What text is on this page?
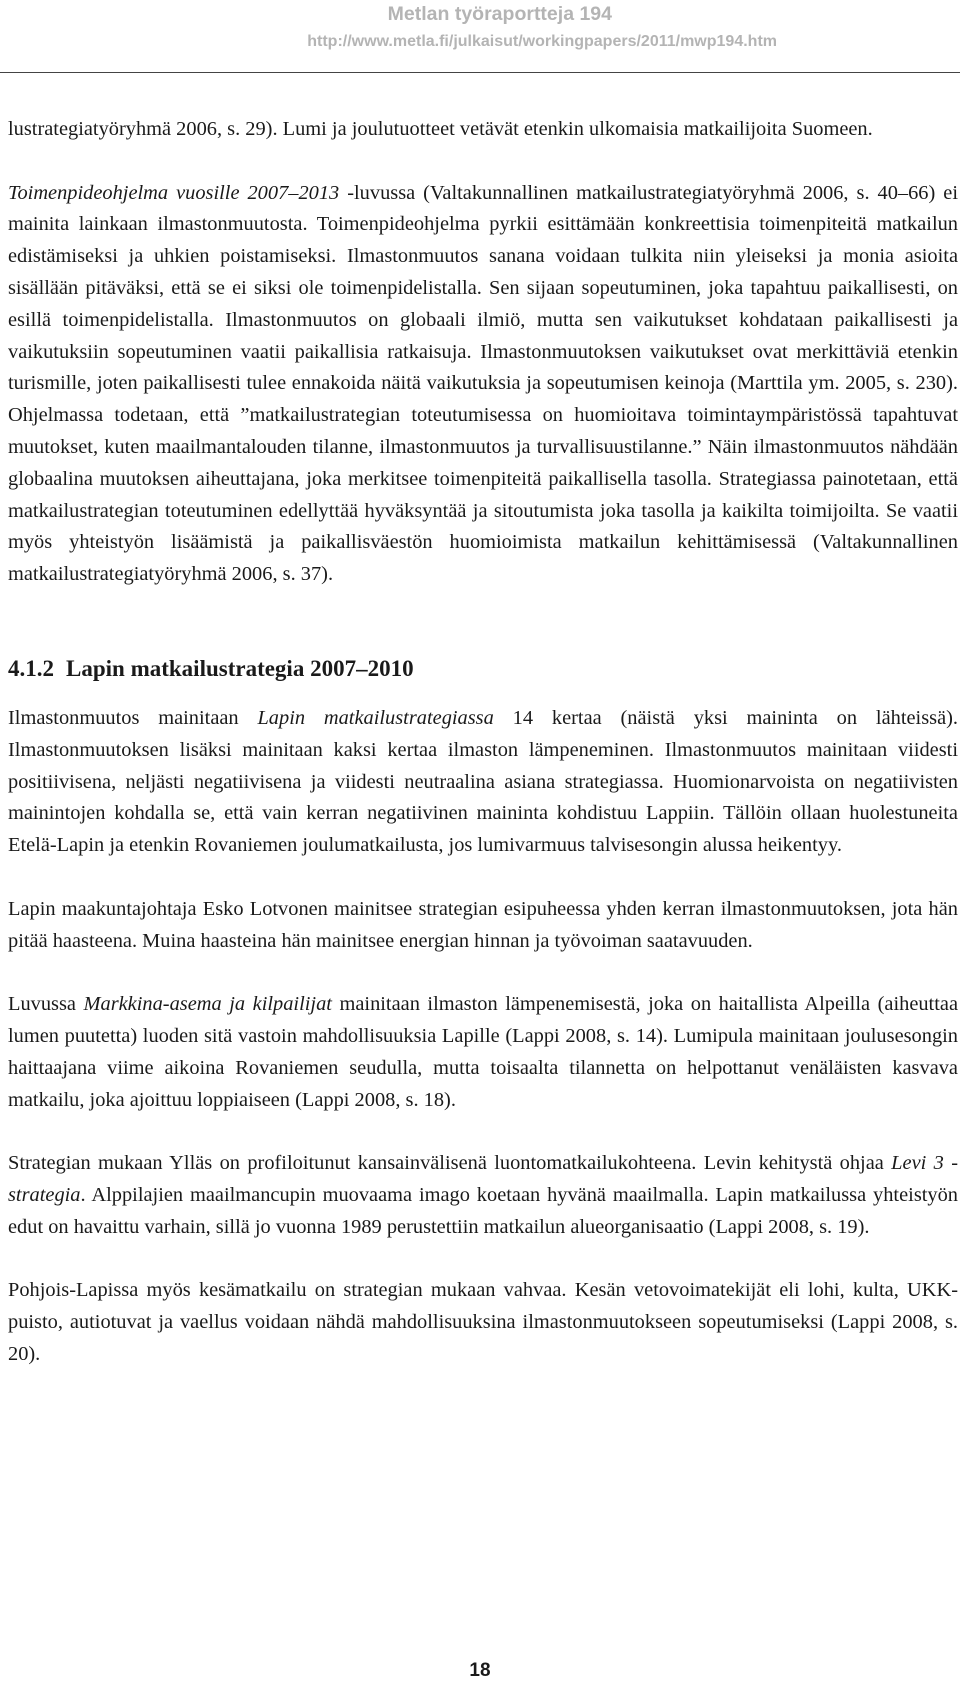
Metlan työraportteja 194
http://www.metla.fi/julkaisut/workingpapers/2011/mwp194.htm

lustrategiatyöryhmä 2006, s. 29). Lumi ja joulutuotteet vetävät etenkin ulkomaisia matkailijoita Suomeen.

Toimenpideohjelma vuosille 2007–2013 -luvussa (Valtakunnallinen matkailustrategiatyöryhmä 2006, s. 40–66) ei mainita lainkaan ilmastonmuutosta. Toimenpideohjelma pyrkii esittämään konkreettisia toimenpiteitä matkailun edistämiseksi ja uhkien poistamiseksi. Ilmastonmuutos sanana voidaan tulkita niin yleiseksi ja monia asioita sisällään pitäväksi, että se ei siksi ole toimenpidelistalla. Sen sijaan sopeutuminen, joka tapahtuu paikallisesti, on esillä toimenpidelistalla. Ilmastonmuutos on globaali ilmiö, mutta sen vaikutukset kohdataan paikallisesti ja vaikutuksiin sopeutuminen vaatii paikallisia ratkaisuja. Ilmastonmuutoksen vaikutukset ovat merkittäviä etenkin turismille, joten paikallisesti tulee ennakoida näitä vaikutuksia ja sopeutumisen keinoja (Marttila ym. 2005, s. 230). Ohjelmassa todetaan, että ”matkailustrategian toteutumisessa on huomioitava toimintaympäristössä tapahtuvat muutokset, kuten maailmantalouden tilanne, ilmastonmuutos ja turvallisuustilanne.” Näin ilmastonmuutos nähdään globaalina muutoksen aiheuttajana, joka merkitsee toimenpiteitä paikallisella tasolla. Strategiassa painotetaan, että matkailustrategian toteutuminen edellyttää hyväksyntää ja sitoutumista joka tasolla ja kaikilta toimijoilta. Se vaatii myös yhteistyön lisäämistä ja paikallisväestön huomioimista matkailun kehittämisessä (Valtakunnallinen matkailustrategiatyöryhmä 2006, s. 37).

4.1.2 Lapin matkailustrategia 2007–2010

Ilmastonmuutos mainitaan Lapin matkailustrategiassa 14 kertaa (näistä yksi maininta on lähteissä). Ilmastonmuutoksen lisäksi mainitaan kaksi kertaa ilmaston lämpeneminen. Ilmastonmuutos mainitaan viidesti positiivisena, neljästi negatiivisena ja viidesti neutraalina asiana strategiassa. Huomionarvoista on negatiivisten mainintojen kohdalla se, että vain kerran negatiivinen maininta kohdistuu Lappiin. Tällöin ollaan huolestuneita Etelä-Lapin ja etenkin Rovaniemen joulumatkailusta, jos lumivarmuus talvisesongin alussa heikentyy.

Lapin maakuntajohtaja Esko Lotvonen mainitsee strategian esipuheessa yhden kerran ilmastonmuutoksen, jota hän pitää haasteena. Muina haasteina hän mainitsee energian hinnan ja työvoiman saatavuuden.

Luvussa Markkina-asema ja kilpailijat mainitaan ilmaston lämpenemisestä, joka on haitallista Alpeilla (aiheuttaa lumen puutetta) luoden sitä vastoin mahdollisuuksia Lapille (Lappi 2008, s. 14). Lumipula mainitaan joulusesongin haittaajana viime aikoina Rovaniemen seudulla, mutta toisaalta tilannetta on helpottanut venäläisten kasvava matkailu, joka ajoittuu loppiaiseen (Lappi 2008, s. 18).

Strategian mukaan Ylläs on profiloitunut kansainvälisenä luontomatkailukohteena. Levin kehitystä ohjaa Levi 3 -strategia. Alppilajien maailmancupin muovaama imago koetaan hyvänä maailmalla. Lapin matkailussa yhteistyön edut on havaittu varhain, sillä jo vuonna 1989 perustettiin matkailun alueorganisaatio (Lappi 2008, s. 19).

Pohjois-Lapissa myös kesämatkailu on strategian mukaan vahvaa. Kesän vetovoimatekijät eli lohi, kulta, UKK-puisto, autiotuvat ja vaellus voidaan nähdä mahdollisuuksina ilmastonmuutokseen sopeutumiseksi (Lappi 2008, s. 20).

18
